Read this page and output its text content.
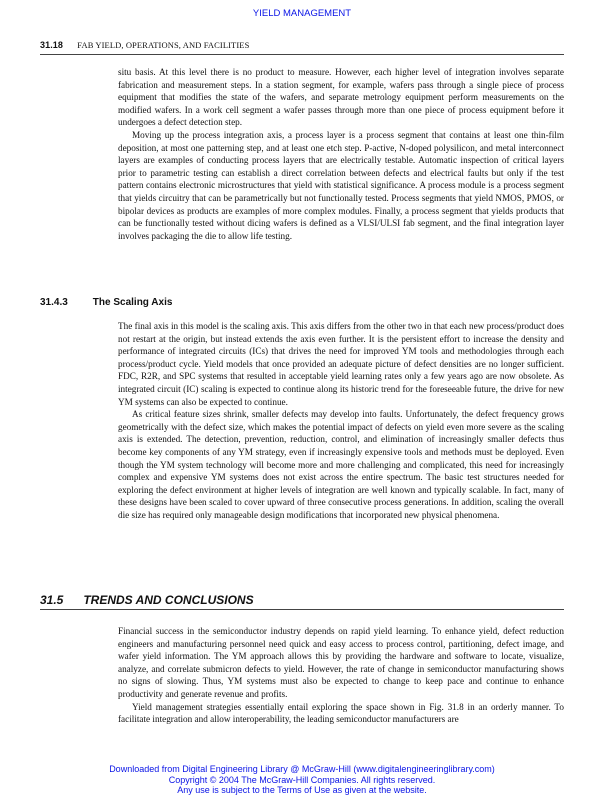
YIELD MANAGEMENT
31.18 FAB YIELD, OPERATIONS, AND FACILITIES

situ basis. At this level there is no product to measure. However, each higher level of integration involves separate fabrication and measurement steps. In a station segment, for example, wafers pass through a single piece of process equipment that modifies the state of the wafers, and separate metrology equipment perform measurements on the modified wafers. In a work cell segment a wafer passes through more than one piece of process equipment before it undergoes a defect detection step.

Moving up the process integration axis, a process layer is a process segment that contains at least one thin-film deposition, at most one patterning step, and at least one etch step. P-active, N-doped polysilicon, and metal interconnect layers are examples of conducting process layers that are electrically testable. Automatic inspection of critical layers prior to parametric testing can establish a direct correlation between defects and electrical faults but only if the test pattern contains electronic microstructures that yield with statistical significance. A process module is a process segment that yields circuitry that can be parametrically but not functionally tested. Process segments that yield NMOS, PMOS, or bipolar devices as products are examples of more complex modules. Finally, a process segment that yields products that can be functionally tested without dicing wafers is defined as a VLSI/ULSI fab segment, and the final integration layer involves packaging the die to allow life testing.

31.4.3 The Scaling Axis

The final axis in this model is the scaling axis. This axis differs from the other two in that each new process/product does not restart at the origin, but instead extends the axis even further. It is the persistent effort to increase the density and performance of integrated circuits (ICs) that drives the need for improved YM tools and methodologies through each process/product cycle. Yield models that once provided an adequate picture of defect densities are no longer sufficient. FDC, R2R, and SPC systems that resulted in acceptable yield learning rates only a few years ago are now obsolete. As integrated circuit (IC) scaling is expected to continue along its historic trend for the foreseeable future, the drive for new YM systems can also be expected to continue.

As critical feature sizes shrink, smaller defects may develop into faults. Unfortunately, the defect frequency grows geometrically with the defect size, which makes the potential impact of defects on yield even more severe as the scaling axis is extended. The detection, prevention, reduction, control, and elimination of increasingly smaller defects thus become key components of any YM strategy, even if increasingly expensive tools and methods must be deployed. Even though the YM system technology will become more and more challenging and complicated, this need for increasingly complex and expensive YM systems does not exist across the entire spectrum. The basic test structures needed for exploring the defect environment at higher levels of integration are well known and typically scalable. In fact, many of these designs have been scaled to cover upward of three consecutive process generations. In addition, scaling the overall die size has required only manageable design modifications that incorporated new physical phenomena.

31.5 TRENDS AND CONCLUSIONS

Financial success in the semiconductor industry depends on rapid yield learning. To enhance yield, defect reduction engineers and manufacturing personnel need quick and easy access to process control, partitioning, defect image, and wafer yield information. The YM approach allows this by providing the hardware and software to locate, visualize, analyze, and correlate submicron defects to yield. However, the rate of change in semiconductor manufacturing shows no signs of slowing. Thus, YM systems must also be expected to change to keep pace and continue to enhance productivity and generate revenue and profits.

Yield management strategies essentially entail exploring the space shown in Fig. 31.8 in an orderly manner. To facilitate integration and allow interoperability, the leading semiconductor manufacturers are

Downloaded from Digital Engineering Library @ McGraw-Hill (www.digitalengineeringlibrary.com)
Copyright © 2004 The McGraw-Hill Companies. All rights reserved.
Any use is subject to the Terms of Use as given at the website.
